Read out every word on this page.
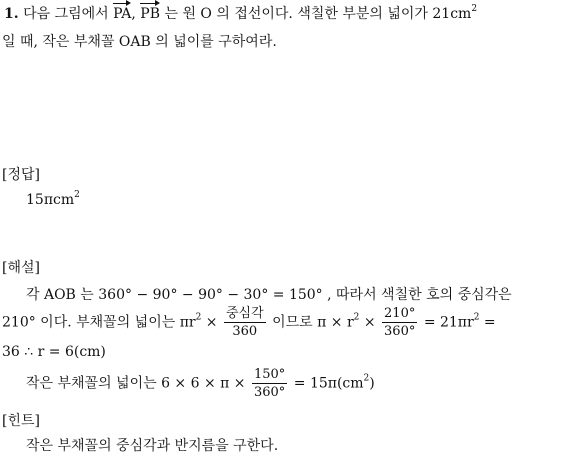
1. 다음 그림에서 PA, PB 는 원 O 의 접선이다. 색칠한 부분의 넓이가 $21cm^2$
일 때, 작은 부채꼴 OAB 의 넓이를 구하여라.
[정답]
15πcm$^2$
[해설]
각 AOB 는 360° − 90° − 90° − 30° = 150° , 따라서 색칠한 호의 중심각은
210° 이다. 부채꼴의 넓이는 $\pi r^2 \times \frac{\text{중심각}}{360}$ 이므로 $\pi \times r^2 \times \frac{210^\circ}{360^\circ} = 21\pi r^2$ =
36 ∴ r = 6(cm)
작은 부채꼴의 넓이는 $6 \times 6 \times \pi \times \frac{150^\circ}{360^\circ} = 15\pi(cm^2)$
[힌트]
작은 부채꼴의 중심각과 반지름을 구한다.
